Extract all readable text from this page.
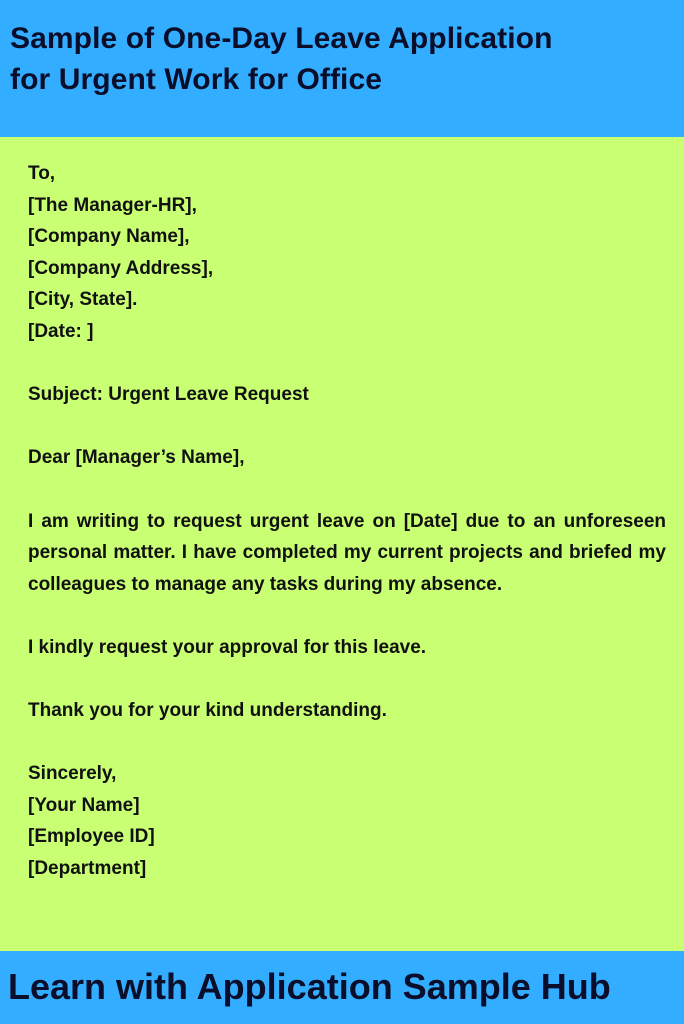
Sample of One-Day Leave Application
for Urgent Work for Office
To,
[The Manager-HR],
[Company Name],
[Company Address],
[City, State].
[Date: ]
Subject: Urgent Leave Request
Dear [Manager’s Name],
I am writing to request urgent leave on [Date] due to an unforeseen personal matter. I have completed my current projects and briefed my colleagues to manage any tasks during my absence.
I kindly request your approval for this leave.
Thank you for your kind understanding.
Sincerely,
[Your Name]
[Employee ID]
[Department]

Learn with Application Sample Hub
